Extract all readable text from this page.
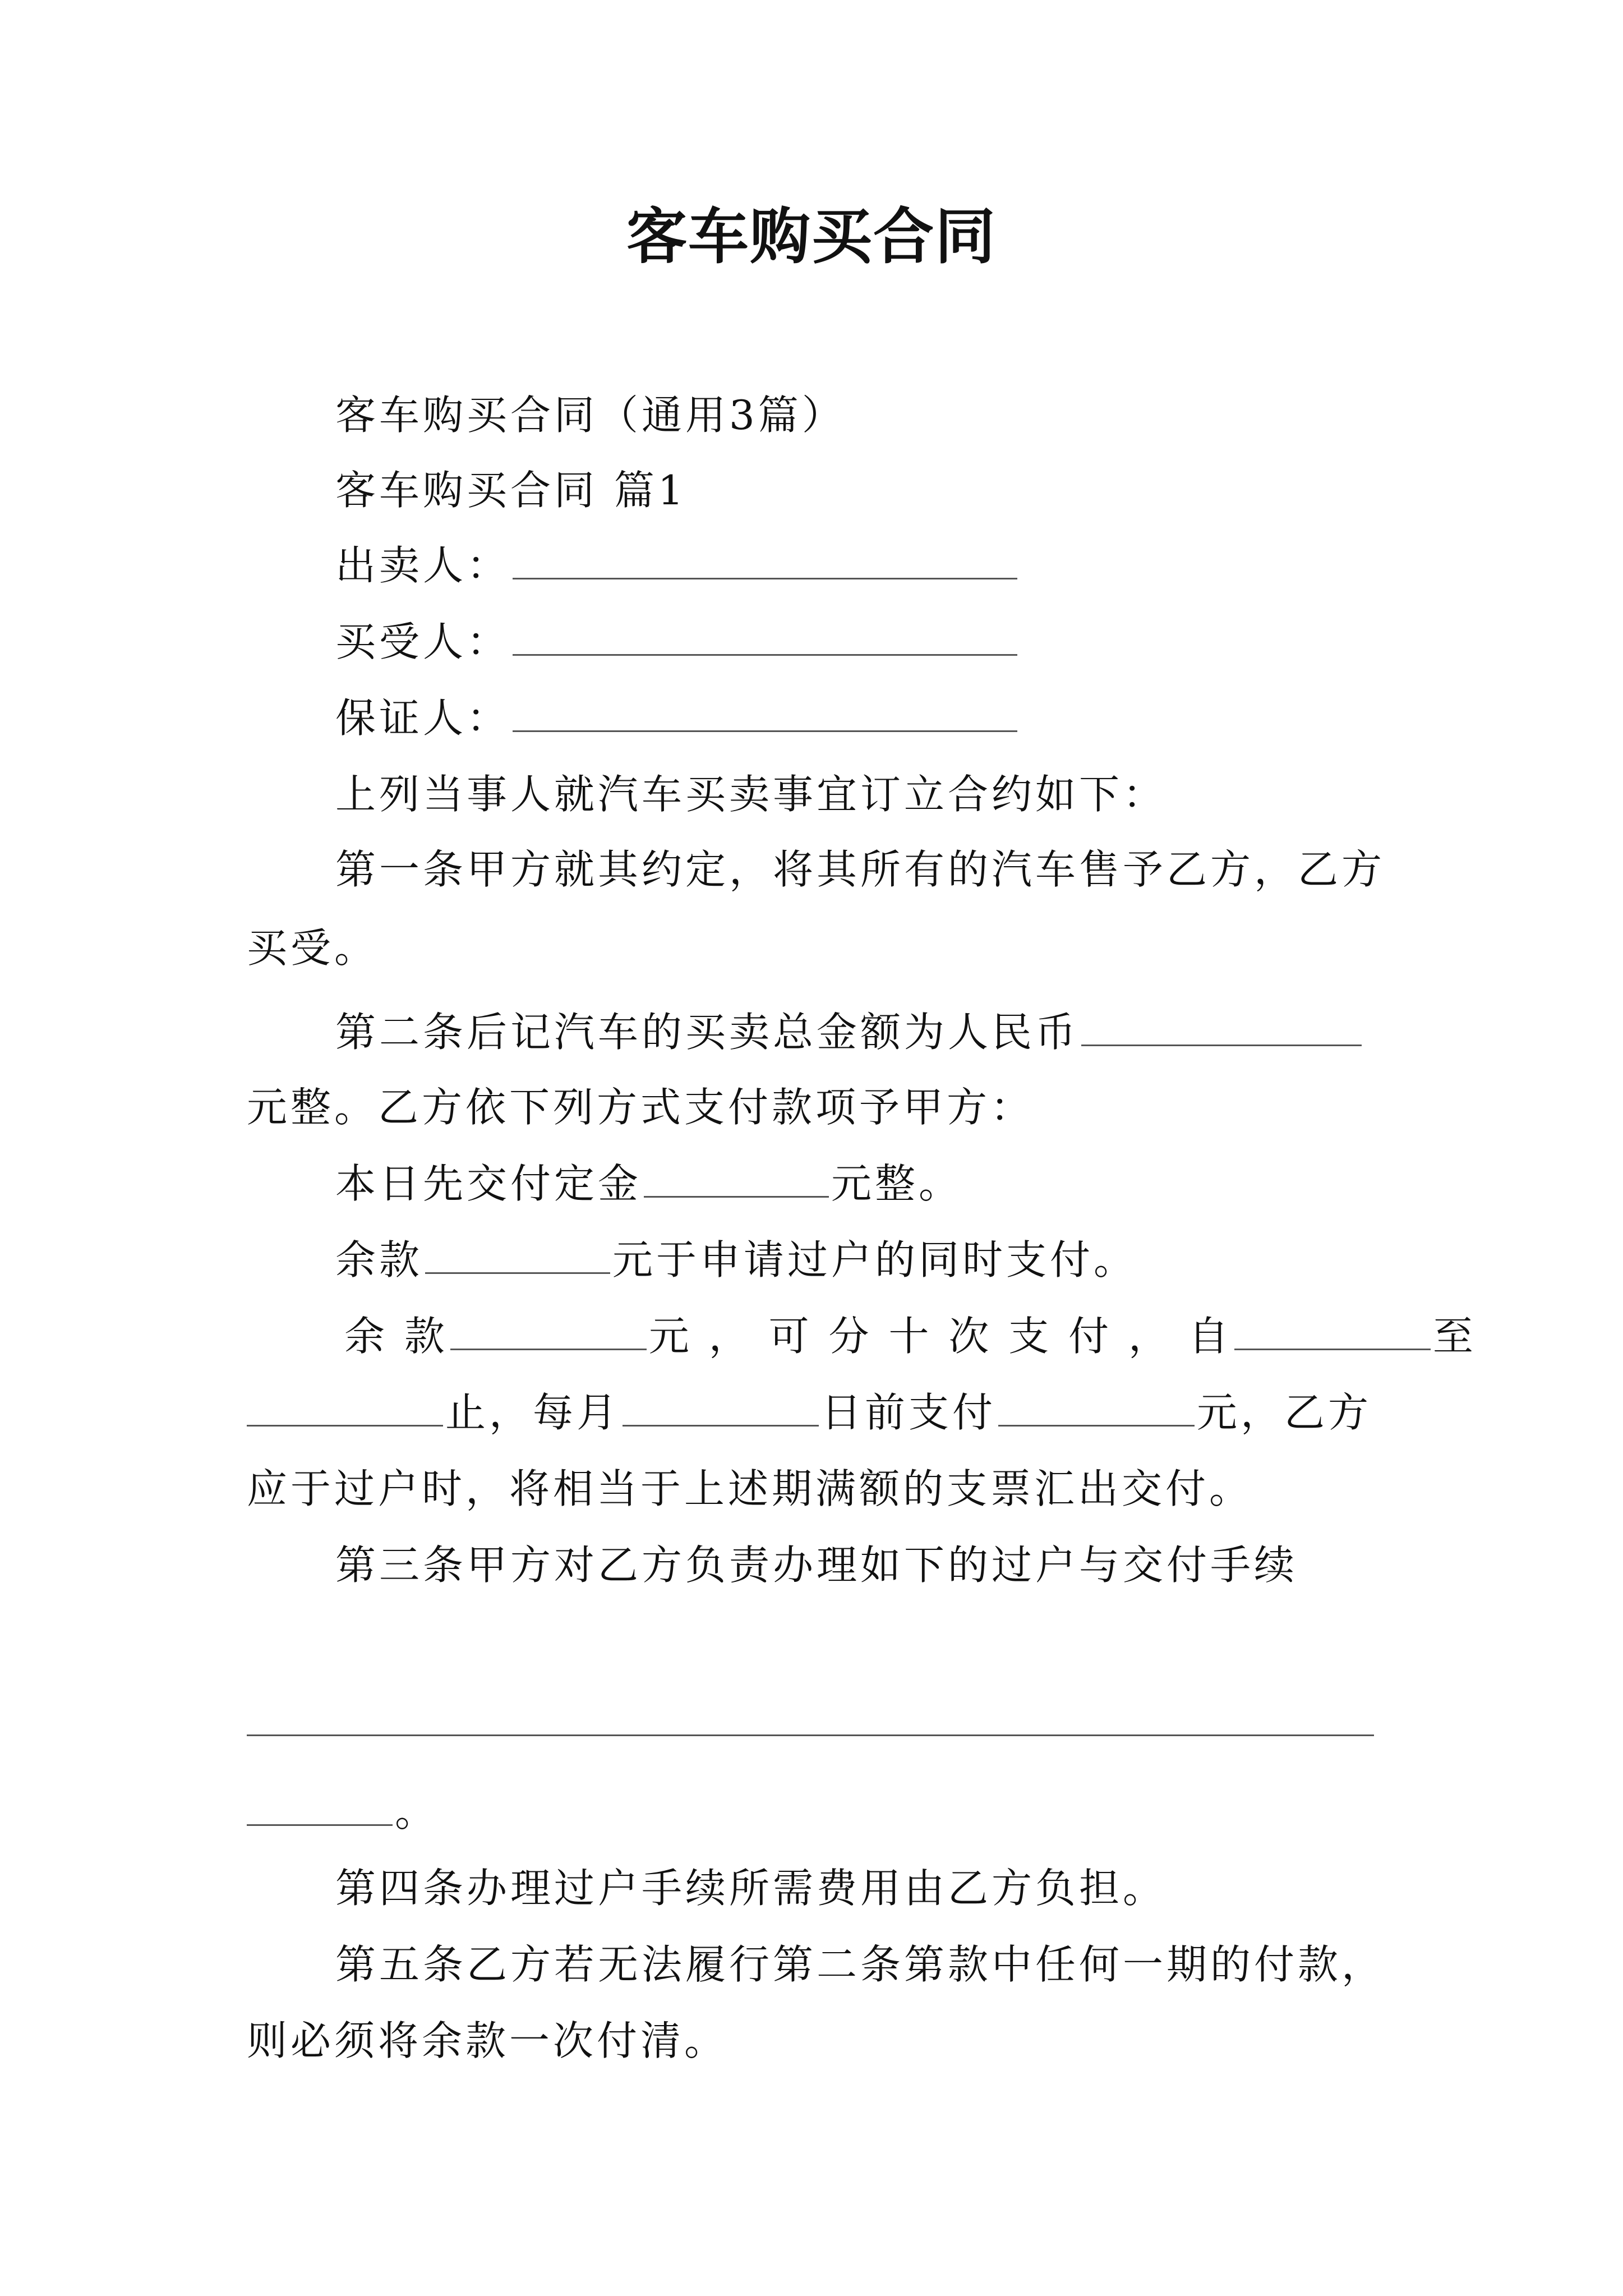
客车购买合同
客车购买合同（通用3篇）
客车购买合同 篇1
出卖人：
买受人：
保证人：
上列当事人就汽车买卖事宜订立合约如下：
第一条甲方就其约定，将其所有的汽车售予乙方，乙方
买受。
第二条后记汽车的买卖总金额为人民币
元整。乙方依下列方式支付款项予甲方：
本日先交付定金	元整。
余款	元于申请过户的同时支付。
余 款	元 ， 可 分 十 次 支 付 ， 自	至
止，每月	日前支付	元，乙方
应于过户时，将相当于上述期满额的支票汇出交付。
第三条甲方对乙方负责办理如下的过户与交付手续
。
第四条办理过户手续所需费用由乙方负担。
第五条乙方若无法履行第二条第款中任何一期的付款，
则必须将余款一次付清。
